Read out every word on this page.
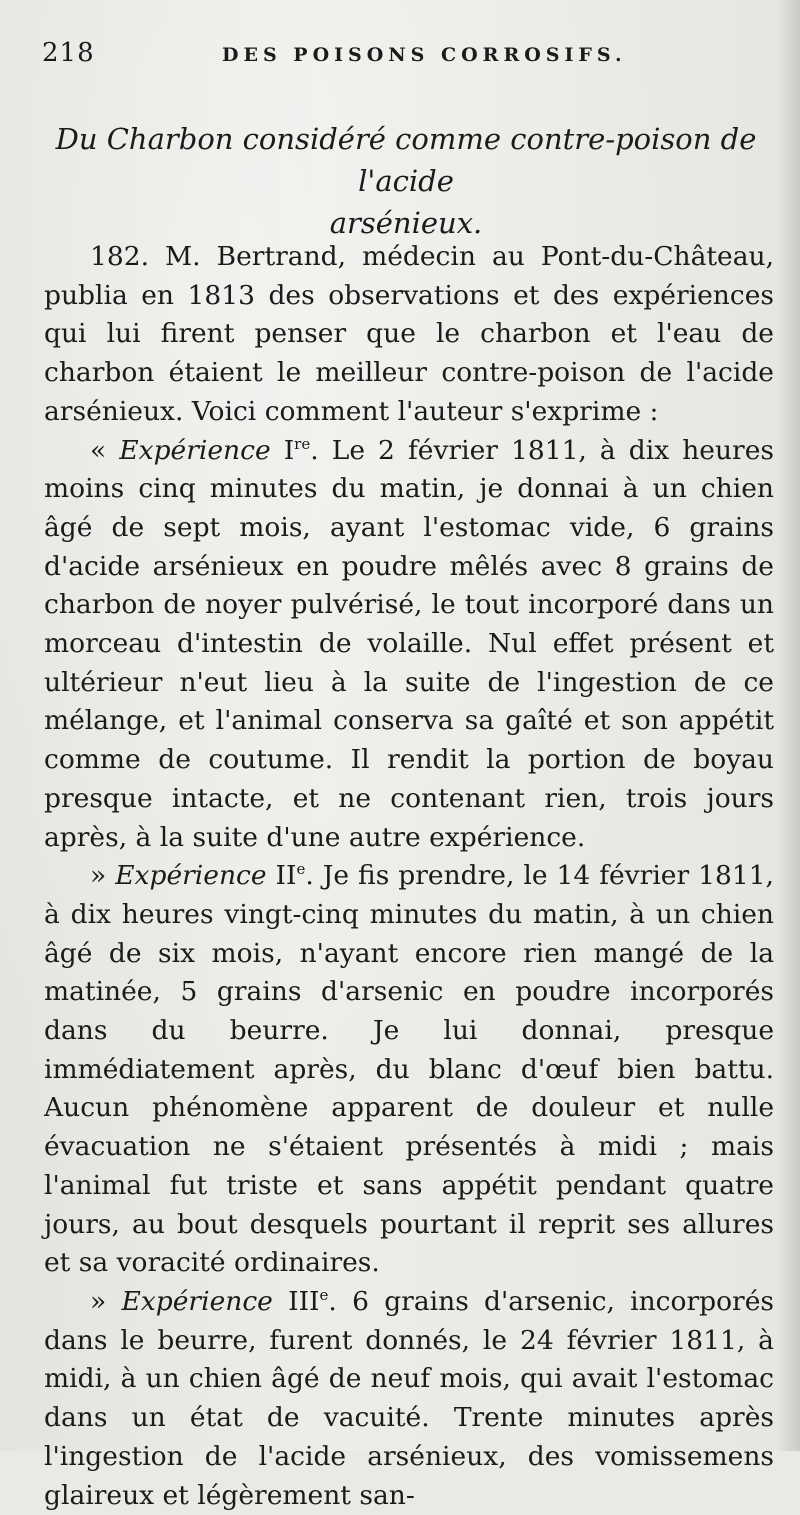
218	DES POISONS CORROSIFS.
Du Charbon considéré comme contre-poison de l'acide
arsénieux.

182. M. Bertrand, médecin au Pont-du-Château, publia en 1813 des observations et des expériences qui lui firent penser que le charbon et l'eau de charbon étaient le meilleur contre-poison de l'acide arsénieux. Voici comment l'auteur s'exprime :

« Expérience Ire. Le 2 février 1811, à dix heures moins cinq minutes du matin, je donnai à un chien âgé de sept mois, ayant l'estomac vide, 6 grains d'acide arsénieux en poudre mêlés avec 8 grains de charbon de noyer pulvérisé, le tout incorporé dans un morceau d'intestin de volaille. Nul effet présent et ultérieur n'eut lieu à la suite de l'ingestion de ce mélange, et l'animal conserva sa gaîté et son appétit comme de coutume. Il rendit la portion de boyau presque intacte, et ne contenant rien, trois jours après, à la suite d'une autre expérience.

» Expérience IIe. Je fis prendre, le 14 février 1811, à dix heures vingt-cinq minutes du matin, à un chien âgé de six mois, n'ayant encore rien mangé de la matinée, 5 grains d'arsenic en poudre incorporés dans du beurre. Je lui donnai, presque immédiatement après, du blanc d'œuf bien battu. Aucun phénomène apparent de douleur et nulle évacuation ne s'étaient présentés à midi ; mais l'animal fut triste et sans appétit pendant quatre jours, au bout desquels pourtant il reprit ses allures et sa voracité ordinaires.

» Expérience IIIe. 6 grains d'arsenic, incorporés dans le beurre, furent donnés, le 24 février 1811, à midi, à un chien âgé de neuf mois, qui avait l'estomac dans un état de vacuité. Trente minutes après l'ingestion de l'acide arsénieux, des vomissemens glaireux et légèrement san-
